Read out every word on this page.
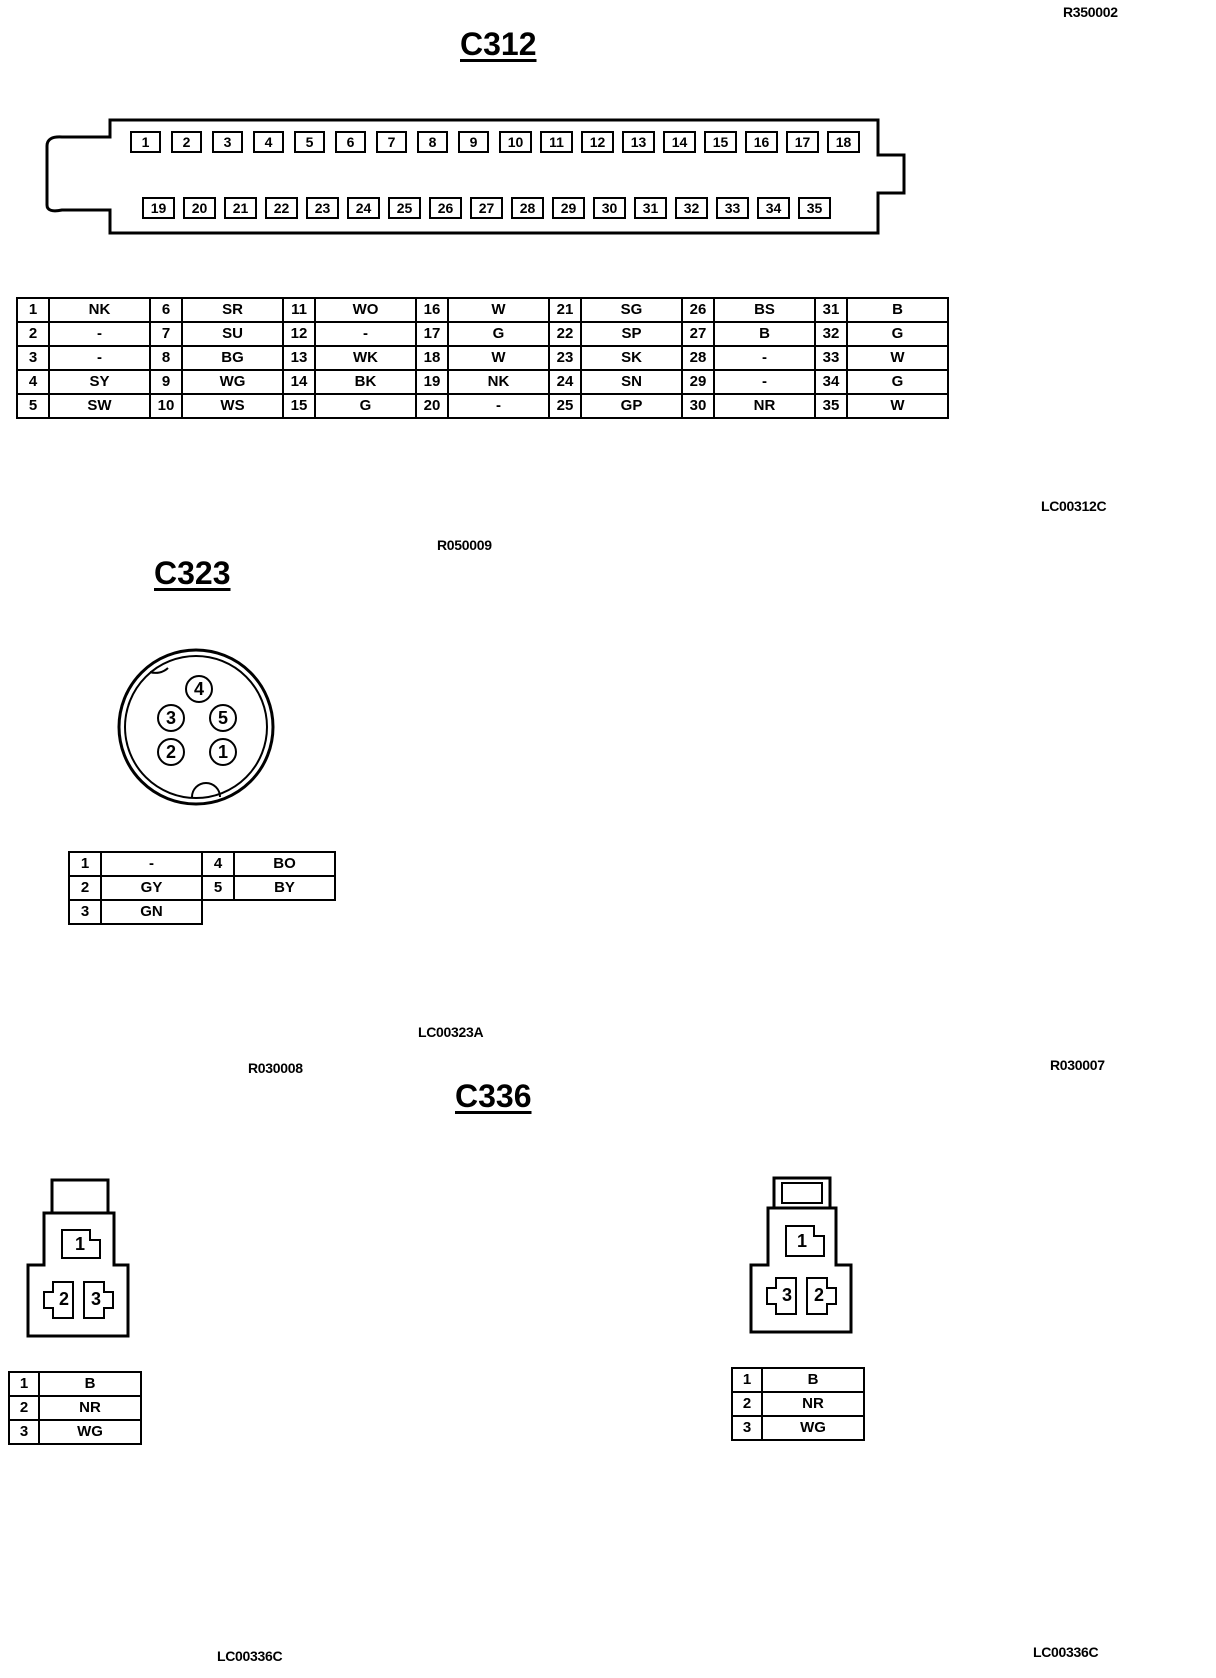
R350002
LC00312C
R050009
LC00323A
R030008	R030007
LC00336C	LC00336C
C312
C323
C336
1	2	3	4	5	6	7	8	9	10	11	12	13	14	15	16	17	18
19	20	21	22	23	24	25	26	27	28	29	30	31	32	33	34	35
1	NK	6	SR	11	WO	16	W	21	SG	26	BS	31	B
2	-	7	SU	12	-	17	G	22	SP	27	B	32	G
3	-	8	BG	13	WK	18	W	23	SK	28	-	33	W
4	SY	9	WG	14	BK	19	NK	24	SN	29	-	34	G
5	SW	10	WS	15	G	20	-	25	GP	30	NR	35	W
4
3	5
2	1
1	-	4	BO
2	GY	5	BY
3	GN		
1
2 3
1
3 2
1	B
2	NR
3	WG
1	B
2	NR
3	WG
